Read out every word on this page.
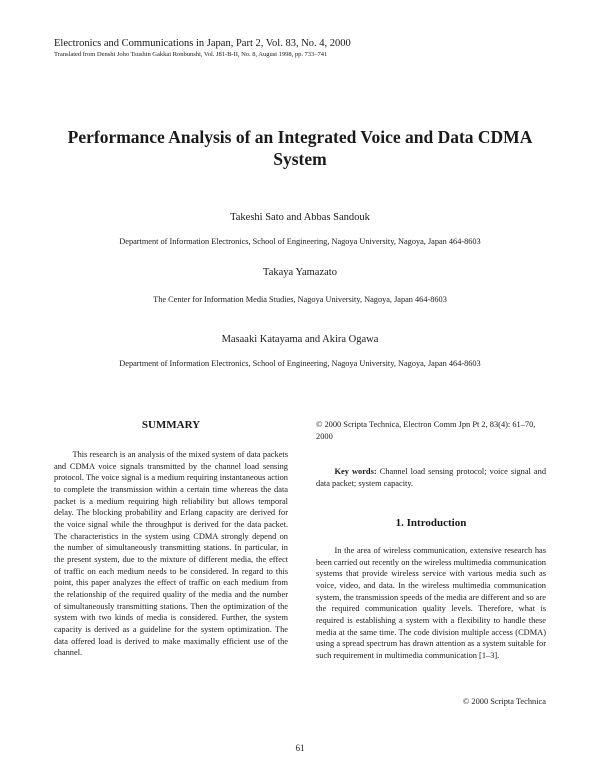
Electronics and Communications in Japan, Part 2, Vol. 83, No. 4, 2000
Translated from Denshi Joho Tsushin Gakkai Ronbunshi, Vol. J81-B-II, No. 8, August 1998, pp. 733–741
Performance Analysis of an Integrated Voice and Data CDMA
System
Takeshi Sato and Abbas Sandouk
Department of Information Electronics, School of Engineering, Nagoya University, Nagoya, Japan 464-8603
Takaya Yamazato
The Center for Information Media Studies, Nagoya University, Nagoya, Japan 464-8603
Masaaki Katayama and Akira Ogawa
Department of Information Electronics, School of Engineering, Nagoya University, Nagoya, Japan 464-8603
SUMMARY

This research is an analysis of the mixed system of data packets and CDMA voice signals transmitted by the channel load sensing protocol. The voice signal is a medium requiring instantaneous action to complete the transmission within a certain time whereas the data packet is a medium requiring high reliability but allows temporal delay. The blocking probability and Erlang capacity are derived for the voice signal while the throughput is derived for the data packet. The characteristics in the system using CDMA strongly depend on the number of simultaneously transmitting stations. In particular, in the present system, due to the mixture of different media, the effect of traffic on each medium needs to be considered. In regard to this point, this paper analyzes the effect of traffic on each medium from the relationship of the required quality of the media and the number of simultaneously transmitting stations. Then the optimization of the system with two kinds of media is considered. Further, the system capacity is derived as a guideline for the system optimization. The data offered load is derived to make maximally efficient use of the channel.

© 2000 Scripta Technica, Electron Comm Jpn Pt 2, 83(4): 61–70, 2000

Key words: Channel load sensing protocol; voice signal and data packet; system capacity.

1. Introduction

In the area of wireless communication, extensive research has been carried out recently on the wireless multimedia communication systems that provide wireless service with various media such as voice, video, and data. In the wireless multimedia communication system, the transmission speeds of the media are different and so are the required communication quality levels. Therefore, what is required is establishing a system with a flexibility to handle these media at the same time. The code division multiple access (CDMA) using a spread spectrum has drawn attention as a system suitable for such requirement in multimedia communication [1–3].

© 2000 Scripta Technica
61
